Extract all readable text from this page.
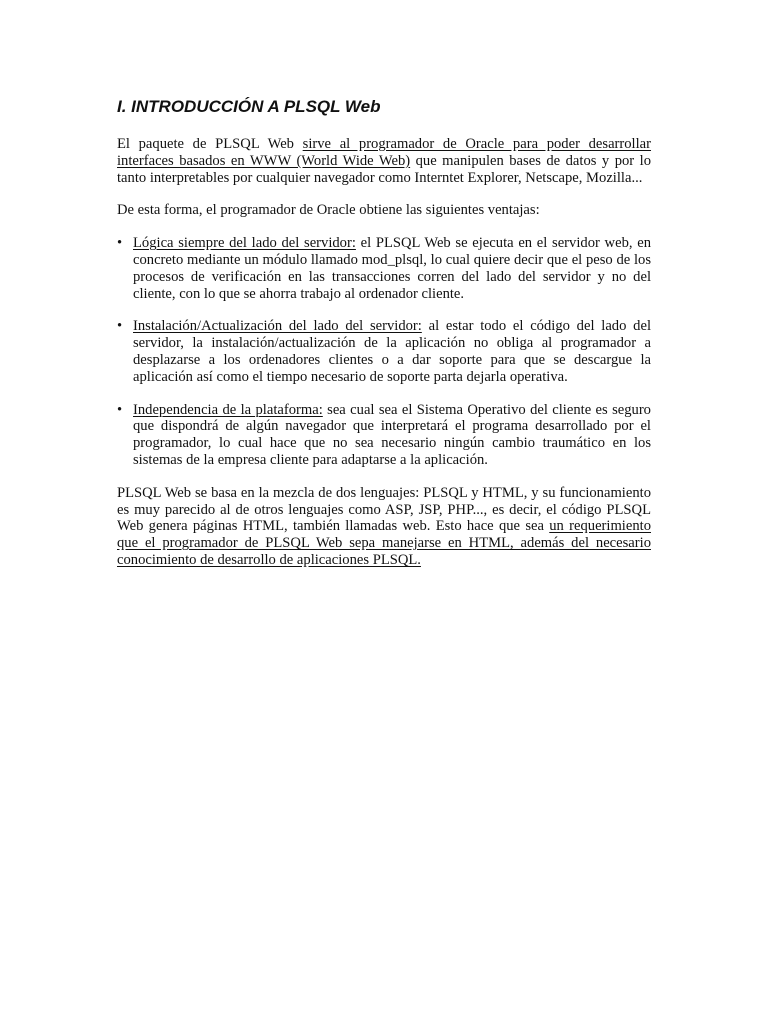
I. INTRODUCCIÓN A PLSQL Web

El paquete de PLSQL Web sirve al programador de Oracle para poder desarrollar interfaces basados en WWW (World Wide Web) que manipulen bases de datos y por lo tanto interpretables por cualquier navegador como Interntet Explorer, Netscape, Mozilla...

De esta forma, el programador de Oracle obtiene las siguientes ventajas:

• Lógica siempre del lado del servidor: el PLSQL Web se ejecuta en el servidor web, en concreto mediante un módulo llamado mod_plsql, lo cual quiere decir que el peso de los procesos de verificación en las transacciones corren del lado del servidor y no del cliente, con lo que se ahorra trabajo al ordenador cliente.
• Instalación/Actualización del lado del servidor: al estar todo el código del lado del servidor, la instalación/actualización de la aplicación no obliga al programador a desplazarse a los ordenadores clientes o a dar soporte para que se descargue la aplicación así como el tiempo necesario de soporte parta dejarla operativa.
• Independencia de la plataforma: sea cual sea el Sistema Operativo del cliente es seguro que dispondrá de algún navegador que interpretará el programa desarrollado por el programador, lo cual hace que no sea necesario ningún cambio traumático en los sistemas de la empresa cliente para adaptarse a la aplicación.

PLSQL Web se basa en la mezcla de dos lenguajes: PLSQL y HTML, y su funcionamiento es muy parecido al de otros lenguajes como ASP, JSP, PHP..., es decir, el código PLSQL Web genera páginas HTML, también llamadas web. Esto hace que sea un requerimiento que el programador de PLSQL Web sepa manejarse en HTML, además del necesario conocimiento de desarrollo de aplicaciones PLSQL.
